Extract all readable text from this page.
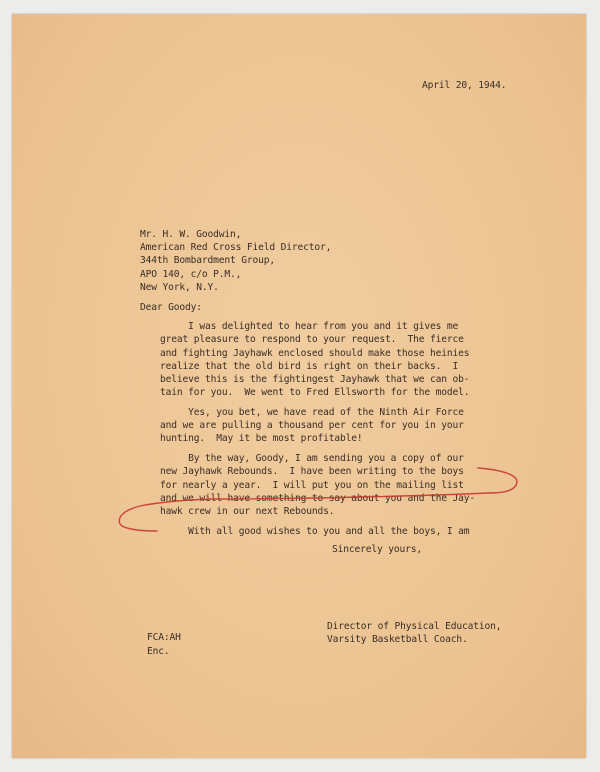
April 20, 1944.

Mr. H. W. Goodwin,

American Red Cross Field Director,

344th Bombardment Group,

APO 140, c/o P.M.,

New York, N.Y.

Dear Goody:

I was delighted to hear from you and it gives me

great pleasure to respond to your request.  The fierce

and fighting Jayhawk enclosed should make those heinies

realize that the old bird is right on their backs.  I

believe this is the fightingest Jayhawk that we can ob-

tain for you.  We went to Fred Ellsworth for the model.

Yes, you bet, we have read of the Ninth Air Force

and we are pulling a thousand per cent for you in your

hunting.  May it be most profitable!

By the way, Goody, I am sending you a copy of our

new Jayhawk Rebounds.  I have been writing to the boys

for nearly a year.  I will put you on the mailing list

and we will have something to say about you and the Jay-

hawk crew in our next Rebounds.

With all good wishes to you and all the boys, I am

Sincerely yours,

Director of Physical Education,

Varsity Basketball Coach.

FCA:AH

Enc.
